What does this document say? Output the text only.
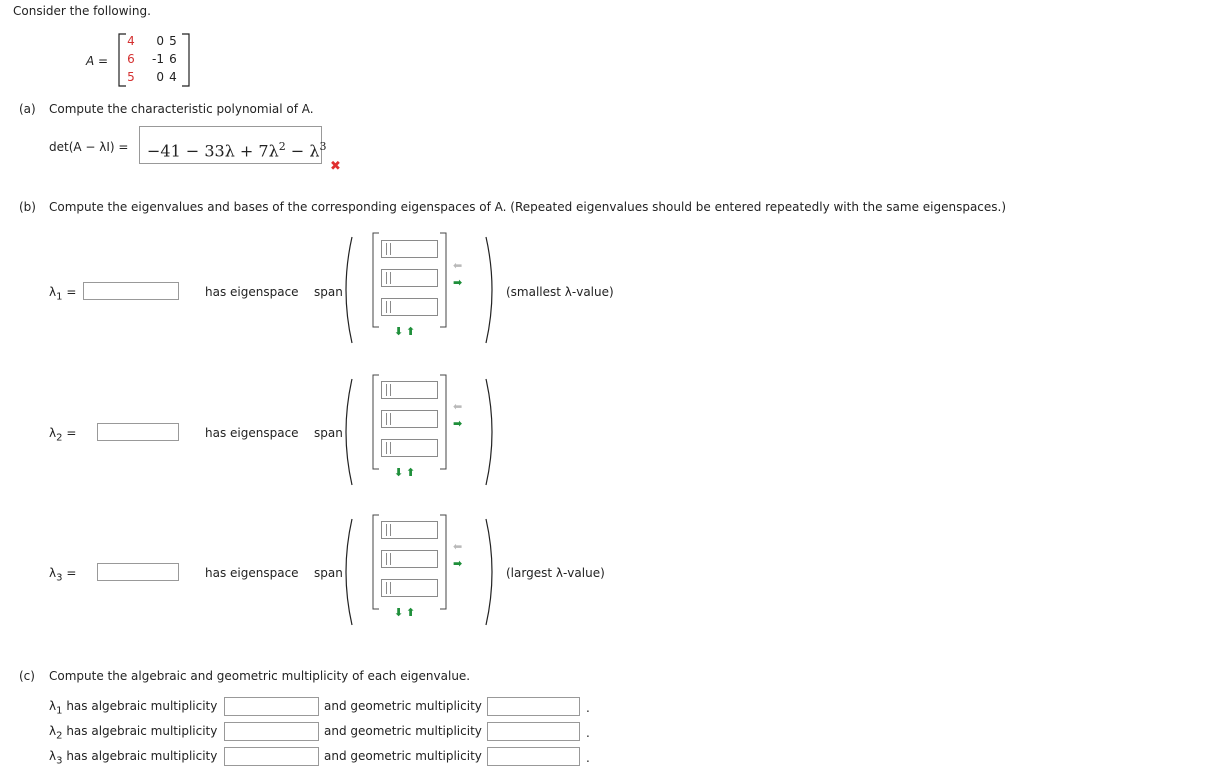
Consider the following.
A =
4	0 5
6	-1 6
5	0 4
(a) Compute the characteristic polynomial of A.
$\det(A - \lambda I) = -41 - 33\lambda + 7\lambda^2 - \lambda^3$
✖
(b) Compute the eigenvalues and bases of the corresponding eigenspaces of A. (Repeated eigenvalues should be entered repeatedly with the same eigenspaces.)
$\lambda_1$ =	has eigenspace span
⬅
➡
⬇ ⬆
(smallest λ-value)
$\lambda_2$ =	has eigenspace span
⬅
➡
⬇ ⬆
$\lambda_3$ =	has eigenspace span
⬅
➡
⬇ ⬆
(largest λ-value)
(c) Compute the algebraic and geometric multiplicity of each eigenvalue.
$\lambda_1$ has algebraic multiplicity	and geometric multiplicity	.
$\lambda_2$ has algebraic multiplicity	and geometric multiplicity	.
$\lambda_3$ has algebraic multiplicity	and geometric multiplicity	.
